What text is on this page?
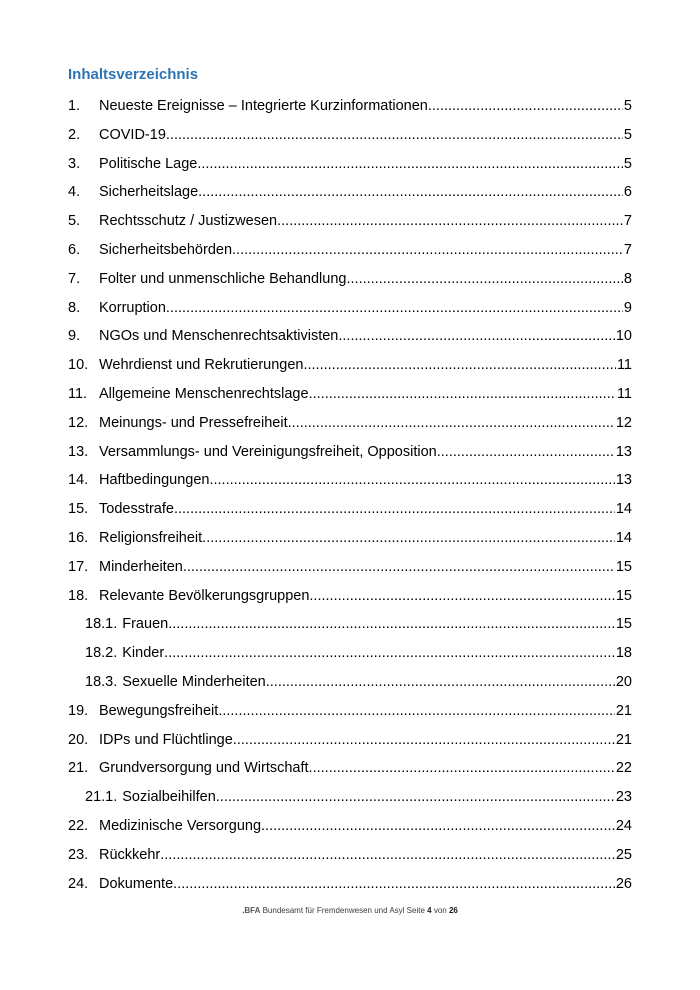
Inhaltsverzeichnis
1.	Neueste Ereignisse – Integrierte Kurzinformationen .....	5
2.	COVID-19 .....	5
3.	Politische Lage .....	5
4.	Sicherheitslage .....	6
5.	Rechtsschutz / Justizwesen .....	7
6.	Sicherheitsbehörden .....	7
7.	Folter und unmenschliche Behandlung .....	8
8.	Korruption .....	9
9.	NGOs und Menschenrechtsaktivisten .....	10
10. Wehrdienst und Rekrutierungen .....	11
11. Allgemeine Menschenrechtslage .....	11
12. Meinungs- und Pressefreiheit .....	12
13. Versammlungs- und Vereinigungsfreiheit, Opposition .....	13
14. Haftbedingungen .....	13
15. Todesstrafe .....	14
16. Religionsfreiheit .....	14
17. Minderheiten .....	15
18. Relevante Bevölkerungsgruppen .....	15
18.1. Frauen .....	15
18.2. Kinder .....	18
18.3. Sexuelle Minderheiten .....	20
19. Bewegungsfreiheit .....	21
20. IDPs und Flüchtlinge .....	21
21. Grundversorgung und Wirtschaft .....	22
21.1. Sozialbeihilfen .....	23
22. Medizinische Versorgung .....	24
23. Rückkehr .....	25
24. Dokumente .....	26
.BFA Bundesamt für Fremdenwesen und Asyl Seite 4 von 26
